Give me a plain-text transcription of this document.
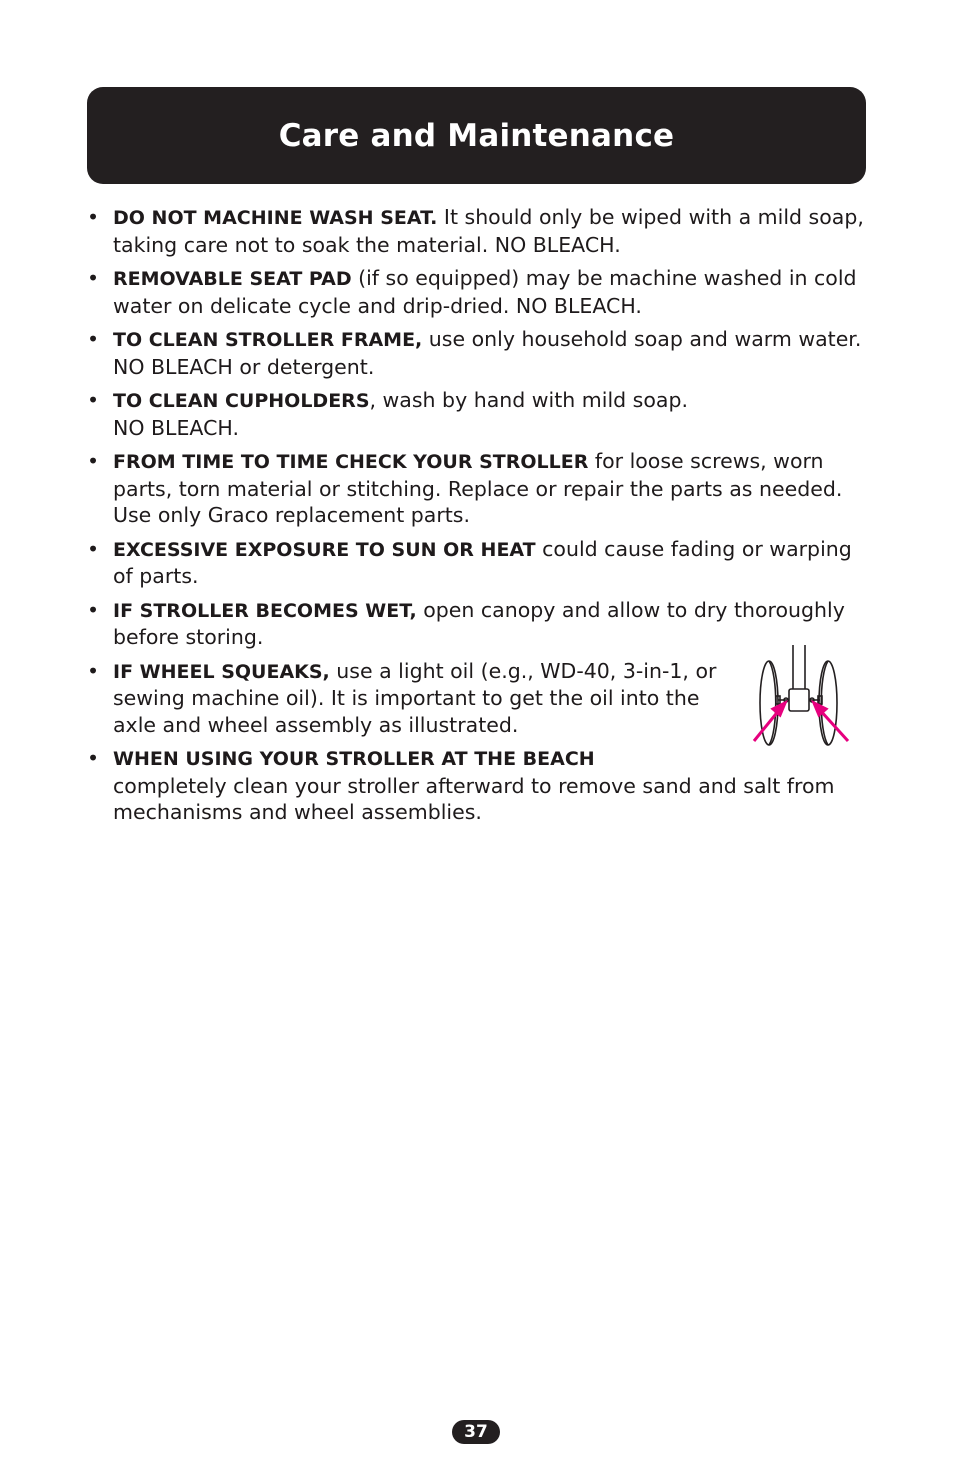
Care and Maintenance
• DO NOT MACHINE WASH SEAT. It should only be wiped with a mild soap, taking care not to soak the material. NO BLEACH.
• REMOVABLE SEAT PAD (if so equipped) may be machine washed in cold water on delicate cycle and drip-dried. NO BLEACH.
• TO CLEAN STROLLER FRAME, use only household soap and warm water. NO BLEACH or detergent.
• TO CLEAN CUPHOLDERS, wash by hand with mild soap.
NO BLEACH.
• FROM TIME TO TIME CHECK YOUR STROLLER for loose screws, worn parts, torn material or stitching. Replace or repair the parts as needed. Use only Graco replacement parts.
• EXCESSIVE EXPOSURE TO SUN OR HEAT could cause fading or warping of parts.
• IF STROLLER BECOMES WET, open canopy and allow to dry thoroughly before storing.
• IF WHEEL SQUEAKS, use a light oil (e.g., WD-40, 3-in-1, or sewing machine oil). It is important to get the oil into the axle and wheel assembly as illustrated.
• WHEN USING YOUR STROLLER AT THE BEACH
completely clean your stroller afterward to remove sand and salt from mechanisms and wheel assemblies.
37
